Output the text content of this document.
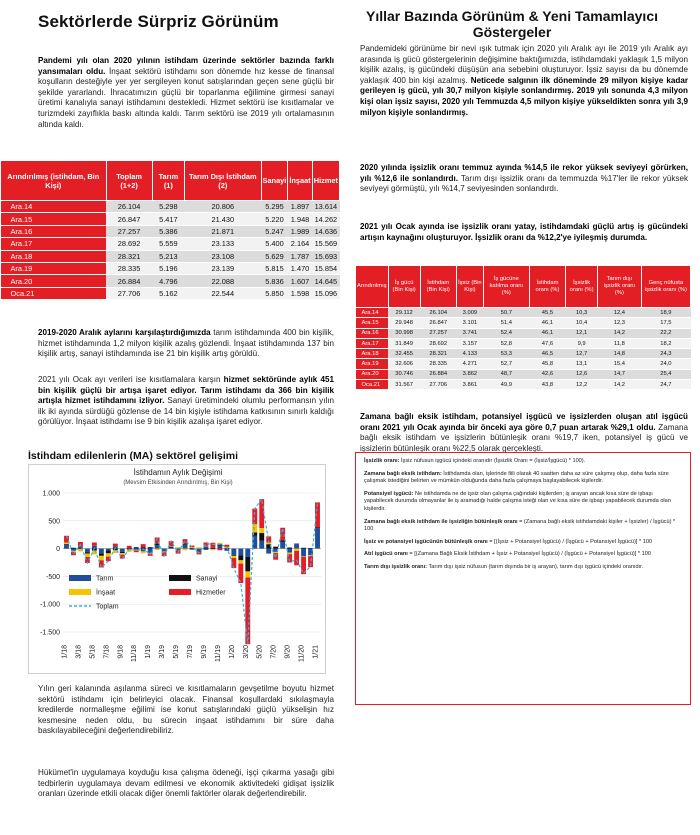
Sektörlerde Sürpriz Görünüm
Pandemi yılı olan 2020 yılının istihdam üzerinde sektörler bazında farklı yansımaları oldu. İnşaat sektörü istihdamı son dönemde hız kesse de finansal koşulların desteğiyle yer yer sergileyen konut satışlarından geçen sene güçlü bir şekilde yararlandı. İhracatımızın güçlü bir toparlanma eğilimine girmesi sanayi üretimi kanalıyla sanayi istihdamını destekledi. Hizmet sektörü ise kısıtlamalar ve turizmdeki zayıflıkla baskı altında kaldı. Tarım sektörü ise 2019 yılı ortalamasının altında kaldı.
Arındırılmış (istihdam, Bin Kişi)	Toplam (1+2)	Tarım (1)	Tarım Dışı İstihdam (2)	Sanayi	İnşaat	Hizmet
Ara.14	26.104	5.298	20.806	5.295	1.897	13.614
Ara.15	26.847	5.417	21.430	5.220	1.948	14.262
Ara.16	27.257	5.386	21.871	5.247	1.989	14.636
Ara.17	28.692	5.559	23.133	5.400	2.164	15.569
Ara.18	28.321	5.213	23.108	5.629	1.787	15.693
Ara.19	28.335	5.196	23.139	5.815	1.470	15.854
Ara.20	26.884	4.796	22.088	5.836	1.607	14.645
Oca.21	27.706	5.162	22.544	5.850	1.598	15.096
2019-2020 Aralık aylarını karşılaştırdığımızda tarım istihdamında 400 bin kişilik, hizmet istihdamında 1,2 milyon kişilik azalış gözlendi. İnşaat istihdamında 137 bin kişilik artış, sanayi istihdamında ise 21 bin kişilik artış görüldü.
2021 yılı Ocak ayı verileri ise kısıtlamalara karşın hizmet sektöründe aylık 451 bin kişilik güçlü bir artışa işaret ediyor. Tarım istihdamı da 366 bin kişilik artışla hizmet istihdamını izliyor. Sanayi üretimindeki olumlu performansın yılın ilk iki ayında sürdüğü gözlense de 14 bin kişiyle istihdama katkısının sınırlı kaldığı görülüyor. İnşaat istihdamı ise 9 bin kişilik azalışa işaret ediyor.
İstihdam edilenlerin (MA) sektörel gelişimi
İstihdamın Aylık Değişimi
(Mevsim Etkisinden Arındırılmış, Bin Kişi)
1.000
500
0
-500
-1.000
-1.500
1/18 3/18 5/18 7/18 9/18 11/18 1/19 3/19 5/19 7/19 9/19 11/19 1/20 3/20 5/20 7/20 9/20 11/20 1/21
Tarım	Sanayi
İnşaat	Hizmetler
Toplam
Yılın geri kalanında aşılanma süreci ve kısıtlamaların gevşetilme boyutu hizmet sektörü istihdamı için belirleyici olacak. Finansal koşullardaki sıkılaşmayla kredilerde normalleşme eğilimi ise konut satışlarındaki güçlü yükselişin hız kesmesine neden oldu, bu sürecin inşaat istihdamını bir süre daha baskılayabileceğini değerlendirebiliriz.
Hükümet'in uygulamaya koyduğu kısa çalışma ödeneği, işçi çıkarma yasağı gibi tedbirlerin uygulamaya devam edilmesi ve ekonomik aktivitedeki gidişat işsizlik oranları üzerinde etkili olacak diğer önemli faktörler olarak değerlendirebilir.
Yıllar Bazında Görünüm & Yeni Tamamlayıcı Göstergeler
Pandemideki görünüme bir nevi ışık tutmak için 2020 yılı Aralık ayı ile 2019 yılı Aralık ayı arasında iş gücü göstergelerinin değişimine baktığımızda, istihdamdaki yaklaşık 1,5 milyon kişilik azalış, iş gücündeki düşüşün ana sebebini oluşturuyor. İşsiz sayısı da bu dönemde yaklaşık 400 bin kişi azalmış. Neticede salgının ilk döneminde 29 milyon kişiye kadar gerileyen iş gücü, yılı 30,7 milyon kişiyle sonlandırmış. 2019 yılı sonunda 4,3 milyon kişi olan işsiz sayısı, 2020 yılı Temmuzda 4,5 milyon kişiye yükseldikten sonra yılı 3,9 milyon kişiyle sonlandırmış.
2020 yılında işsizlik oranı temmuz ayında %14,5 ile rekor yüksek seviyeyi görürken, yılı %12,6 ile sonlandırdı. Tarım dışı işsizlik oranı da temmuzda %17'ler ile rekor yüksek seviyeyi görmüştü, yılı %14,7 seviyesinden sonlandırdı.
2021 yılı Ocak ayında ise işsizlik oranı yatay, istihdamdaki güçlü artış iş gücündeki artışın kaynağını oluşturuyor. İşsizlik oranı da %12,2'ye iyileşmiş durumda.
Arındırılmış	İş gücü (Bin Kişi)	İstihdam (Bin Kişi)	İşsiz (Bin Kişi)	İş gücüne katılma oranı (%)	İstihdam oranı (%)	İşsizlik oranı (%)	Tarım dışı işsizlik oranı (%)	Genç nüfusta işsizlik oranı (%)
Ara.14	29.112	26.104	3.009	50,7	45,5	10,3	12,4	18,9
Ara.15	29.948	26.847	3.101	51,4	46,1	10,4	12,3	17,5
Ara.16	30.998	27.257	3.741	52,4	46,1	12,1	14,2	22,2
Ara.17	31.849	28.692	3.157	52,8	47,6	9,9	11,8	18,2
Ara.18	32.455	28.321	4.133	53,3	46,5	12,7	14,8	24,3
Ara.19	32.606	28.335	4.271	52,7	45,8	13,1	15,4	24,0
Ara.20	30.746	26.884	3.862	48,7	42,6	12,6	14,7	25,4
Oca.21	31.567	27.706	3.861	49,9	43,8	12,2	14,2	24,7
Zamana bağlı eksik istihdam, potansiyel işgücü ve işsizlerden oluşan atıl işgücü oranı 2021 yılı Ocak ayında bir önceki aya göre 0,7 puan artarak %29,1 oldu. Zamana bağlı eksik istihdam ve işsizlerin bütünleşik oranı %19,7 iken, potansiyel iş gücü ve işsizlerin bütünleşik oranı %22,5 olarak gerçekleşti.

İşsizlik oranı: İşsiz nüfusun işgücü içindeki oranıdır (İşsizlik Oranı = (İşsiz/İşgücü) * 100).

Zamana bağlı eksik istihdam: İstihdamda olan, işlerinde fiili olarak 40 saatten daha az süre çalışmış olup, daha fazla süre çalışmak istediğini belirten ve mümkün olduğunda daha fazla çalışmaya başlayabilecek kişilerdir.

Potansiyel işgücü: Ne istihdamda ne de işsiz olan çalışma çağındaki kişilerden; iş arayan ancak kısa süre de işbaşı yapabilecek durumda olmayanlar ile iş aramadığı halde çalışma isteği olan ve kısa süre de işbaşı yapabilecek durumda olan kişilerdir.

Zamana bağlı eksik istihdam ile işsizliğin bütünleşik oranı = (Zamana bağlı eksik istihdamdaki kişiler + İşsizler) / İşgücü) * 100

İşsiz ve potansiyel işgücünün bütünleşik oranı = [(İşsiz + Potansiyel İşgücü) / (İşgücü + Potansiyel İşgücü)] * 100

Atıl işgücü oranı = [(Zamana Bağlı Eksik İstihdam + İşsiz + Potansiyel İşgücü) / (İşgücü + Potansiyel İşgücü)] * 100

Tarım dışı işsizlik oranı: Tarım dışı işsiz nüfusun (tarım dışında bir iş arayan), tarım dışı işgücü içindeki oranıdır.
